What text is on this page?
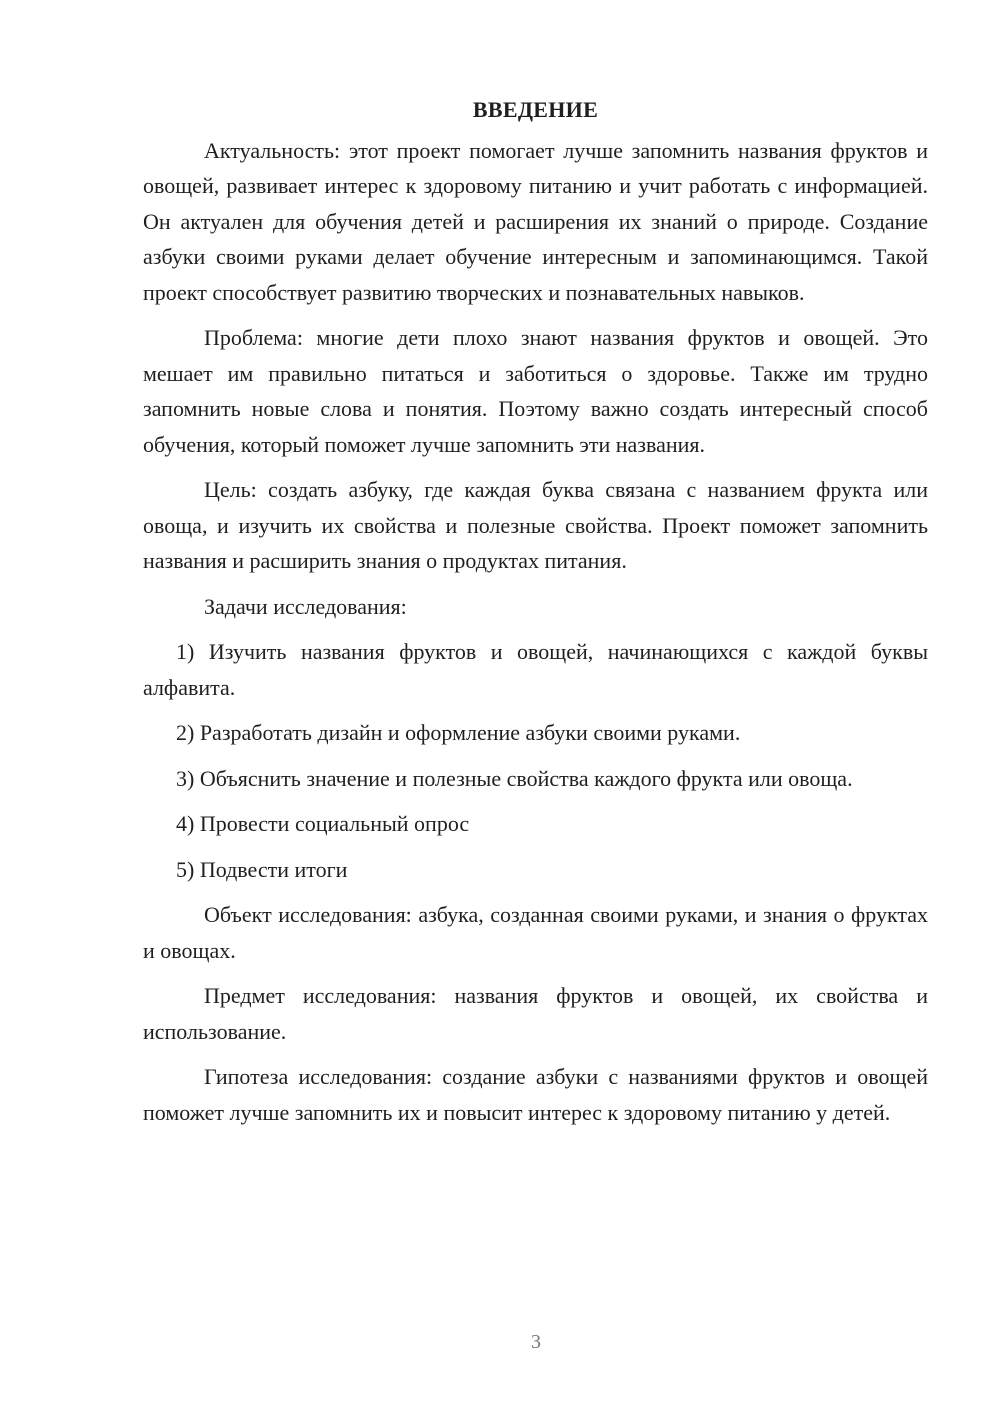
ВВЕДЕНИЕ

Актуальность: этот проект помогает лучше запомнить названия фруктов и овощей, развивает интерес к здоровому питанию и учит работать с информацией. Он актуален для обучения детей и расширения их знаний о природе. Создание азбуки своими руками делает обучение интересным и запоминающимся. Такой проект способствует развитию творческих и познавательных навыков.

Проблема: многие дети плохо знают названия фруктов и овощей. Это мешает им правильно питаться и заботиться о здоровье. Также им трудно запомнить новые слова и понятия. Поэтому важно создать интересный способ обучения, который поможет лучше запомнить эти названия.

Цель: создать азбуку, где каждая буква связана с названием фрукта или овоща, и изучить их свойства и полезные свойства. Проект поможет запомнить названия и расширить знания о продуктах питания.

Задачи исследования:

1) Изучить названия фруктов и овощей, начинающихся с каждой буквы алфавита.

2) Разработать дизайн и оформление азбуки своими руками.

3) Объяснить значение и полезные свойства каждого фрукта или овоща.

4) Провести социальный опрос

5) Подвести итоги

Объект исследования: азбука, созданная своими руками, и знания о фруктах и овощах.

Предмет исследования: названия фруктов и овощей, их свойства и использование.

Гипотеза исследования: создание азбуки с названиями фруктов и овощей поможет лучше запомнить их и повысит интерес к здоровому питанию у детей.

3
